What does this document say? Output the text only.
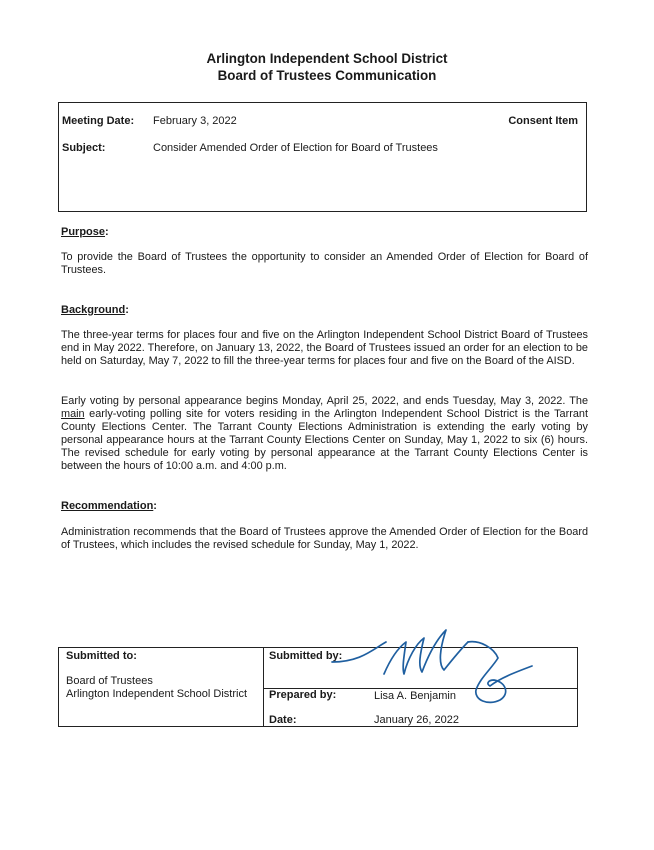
Arlington Independent School District
Board of Trustees Communication
Meeting Date: February 3, 2022	Consent Item
Subject:	Consider Amended Order of Election for Board of Trustees
Purpose:
To provide the Board of Trustees the opportunity to consider an Amended Order of Election for Board of Trustees.
Background:
The three-year terms for places four and five on the Arlington Independent School District Board of Trustees end in May 2022. Therefore, on January 13, 2022, the Board of Trustees issued an order for an election to be held on Saturday, May 7, 2022 to fill the three-year terms for places four and five on the Board of the AISD.
Early voting by personal appearance begins Monday, April 25, 2022, and ends Tuesday, May 3, 2022. The main early-voting polling site for voters residing in the Arlington Independent School District is the Tarrant County Elections Center. The Tarrant County Elections Administration is extending the early voting by personal appearance hours at the Tarrant County Elections Center on Sunday, May 1, 2022 to six (6) hours. The revised schedule for early voting by personal appearance at the Tarrant County Elections Center is between the hours of 10:00 a.m. and 4:00 p.m.
Recommendation:
Administration recommends that the Board of Trustees approve the Amended Order of Election for the Board of Trustees, which includes the revised schedule for Sunday, May 1, 2022.
Submitted to:
Board of Trustees
Arlington Independent School District
Submitted by:
Prepared by:	Lisa A. Benjamin
Date:	January 26, 2022
